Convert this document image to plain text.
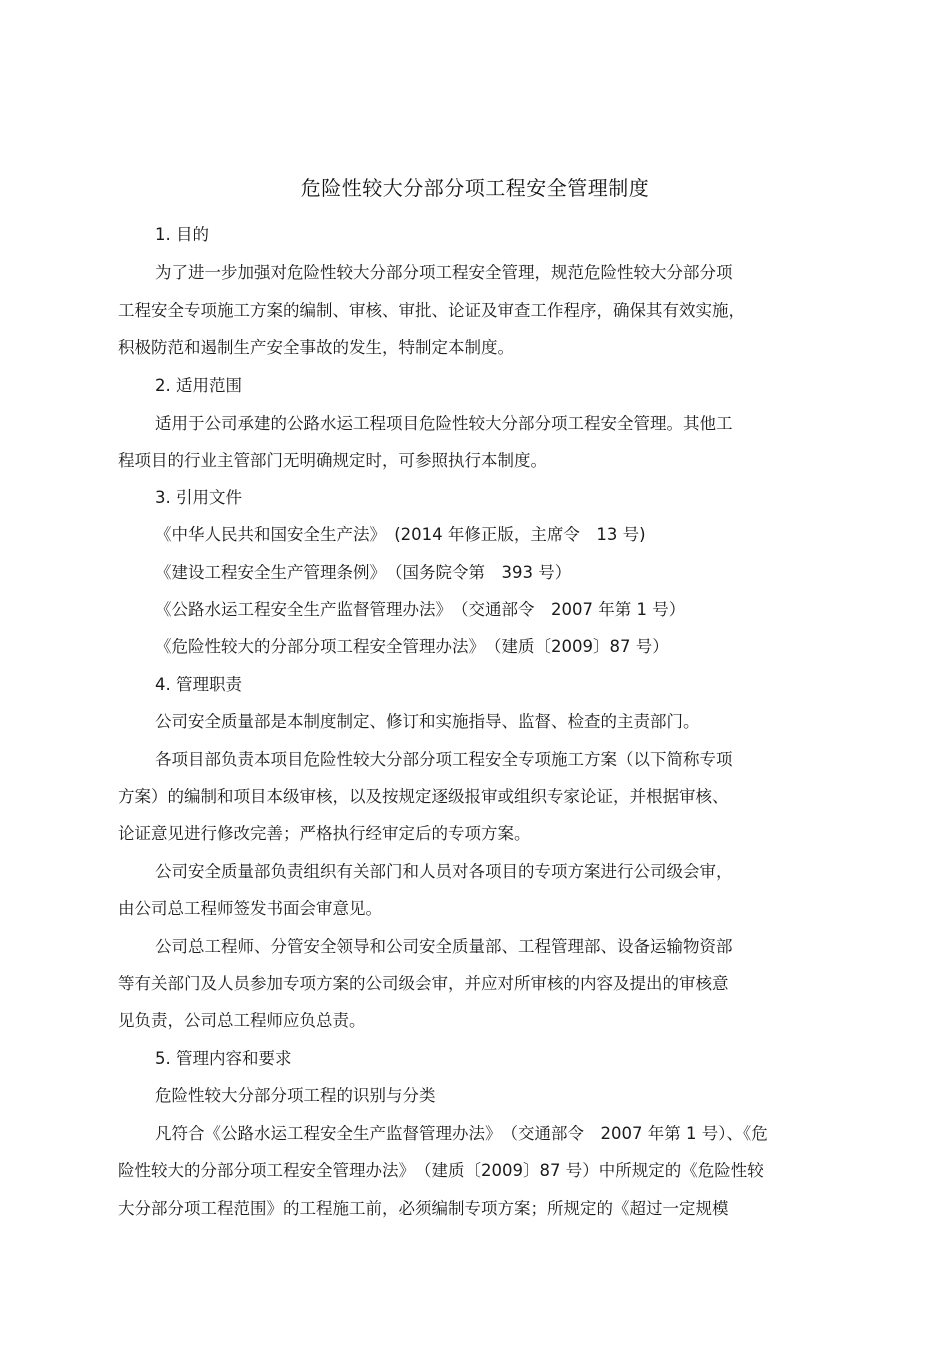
危险性较大分部分项工程安全管理制度
1. 目的
为了进一步加强对危险性较大分部分项工程安全管理，规范危险性较大分部分项
工程安全专项施工方案的编制、审核、审批、论证及审查工作程序，确保其有效实施，
积极防范和遏制生产安全事故的发生，特制定本制度。
2. 适用范围
适用于公司承建的公路水运工程项目危险性较大分部分项工程安全管理。其他工
程项目的行业主管部门无明确规定时，可参照执行本制度。
3. 引用文件
《中华人民共和国安全生产法》　(2014 年修正版，主席令　13 号)
《建设工程安全生产管理条例》　（国务院令第　393 号）
《公路水运工程安全生产监督管理办法》　（交通部令　2007 年第 1 号）
《危险性较大的分部分项工程安全管理办法》　（建质〔2009〕87 号）
4. 管理职责
公司安全质量部是本制度制定、修订和实施指导、监督、检查的主责部门。
各项目部负责本项目危险性较大分部分项工程安全专项施工方案（以下简称专项
方案）的编制和项目本级审核，以及按规定逐级报审或组织专家论证，并根据审核、
论证意见进行修改完善；严格执行经审定后的专项方案。
公司安全质量部负责组织有关部门和人员对各项目的专项方案进行公司级会审，
由公司总工程师签发书面会审意见。
公司总工程师、分管安全领导和公司安全质量部、工程管理部、设备运输物资部
等有关部门及人员参加专项方案的公司级会审，并应对所审核的内容及提出的审核意
见负责，公司总工程师应负总责。
5. 管理内容和要求
危险性较大分部分项工程的识别与分类
凡符合《公路水运工程安全生产监督管理办法》　（交通部令　2007 年第 1 号）、《危
险性较大的分部分项工程安全管理办法》　（建质〔2009〕87 号）中所规定的《危险性较
大分部分项工程范围》的工程施工前，必须编制专项方案；所规定的《超过一定规模
